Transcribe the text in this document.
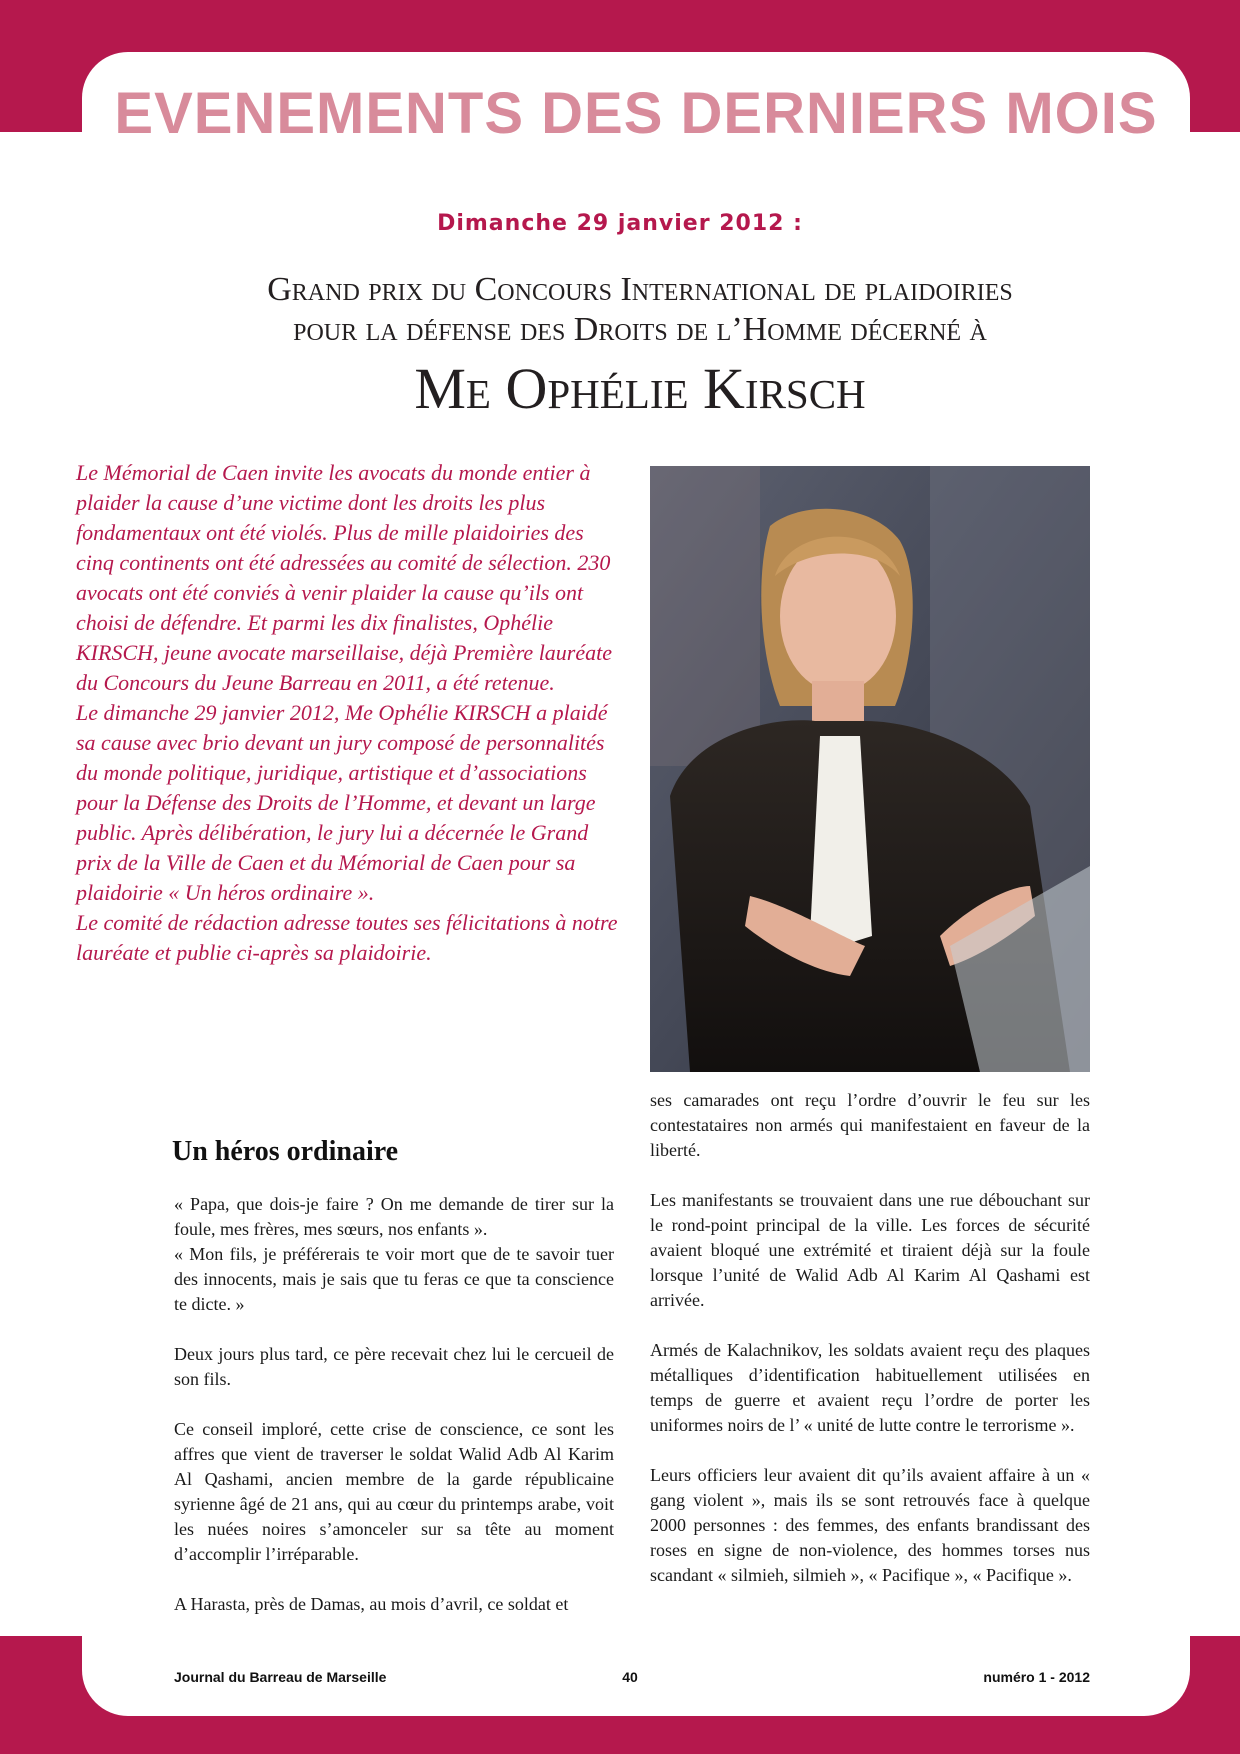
EVENEMENTS DES DERNIERS MOIS
Dimanche 29 janvier 2012 :
Grand prix du Concours International de plaidoiries
pour la défense des Droits de l’Homme décerné à
Me Ophélie Kirsch

Le Mémorial de Caen invite les avocats du monde entier à plaider la cause d’une victime dont les droits les plus fondamentaux ont été violés. Plus de mille plaidoiries des cinq continents ont été adressées au comité de sélection. 230 avocats ont été conviés à venir plaider la cause qu’ils ont choisi de défendre. Et parmi les dix finalistes, Ophélie KIRSCH, jeune avocate marseillaise, déjà Première lauréate du Concours du Jeune Barreau en 2011, a été retenue.

Le dimanche 29 janvier 2012, Me Ophélie KIRSCH a plaidé sa cause avec brio devant un jury composé de personnalités du monde politique, juridique, artistique et d’associations pour la Défense des Droits de l’Homme, et devant un large public. Après délibération, le jury lui a décernée le Grand prix de la Ville de Caen et du Mémorial de Caen pour sa plaidoirie « Un héros ordinaire ».

Le comité de rédaction adresse toutes ses félicitations à notre lauréate et publie ci-après sa plaidoirie.

Un héros ordinaire

« Papa, que dois-je faire ? On me demande de tirer sur la foule, mes frères, mes sœurs, nos enfants ».
« Mon fils, je préférerais te voir mort que de te savoir tuer des innocents, mais je sais que tu feras ce que ta conscience te dicte. »

Deux jours plus tard, ce père recevait chez lui le cercueil de son fils.

Ce conseil imploré, cette crise de conscience, ce sont les affres que vient de traverser le soldat Walid Adb Al Karim Al Qashami, ancien membre de la garde républicaine syrienne âgé de 21 ans, qui au cœur du printemps arabe, voit les nuées noires s’amonceler sur sa tête au moment d’accomplir l’irréparable.

A Harasta, près de Damas, au mois d’avril, ce soldat et

ses camarades ont reçu l’ordre d’ouvrir le feu sur les contestataires non armés qui manifestaient en faveur de la liberté.

Les manifestants se trouvaient dans une rue débouchant sur le rond-point principal de la ville. Les forces de sécurité avaient bloqué une extrémité et tiraient déjà sur la foule lorsque l’unité de Walid Adb Al Karim Al Qashami est arrivée.

Armés de Kalachnikov, les soldats avaient reçu des plaques métalliques d’identification habituellement utilisées en temps de guerre et avaient reçu l’ordre de porter les uniformes noirs de l’ « unité de lutte contre le terrorisme ».

Leurs officiers leur avaient dit qu’ils avaient affaire à un « gang violent », mais ils se sont retrouvés face à quelque 2000 personnes : des femmes, des enfants brandissant des roses en signe de non-violence, des hommes torses nus scandant « silmieh, silmieh », « Pacifique », « Pacifique ».

Journal du Barreau de Marseille	40	numéro 1 - 2012
